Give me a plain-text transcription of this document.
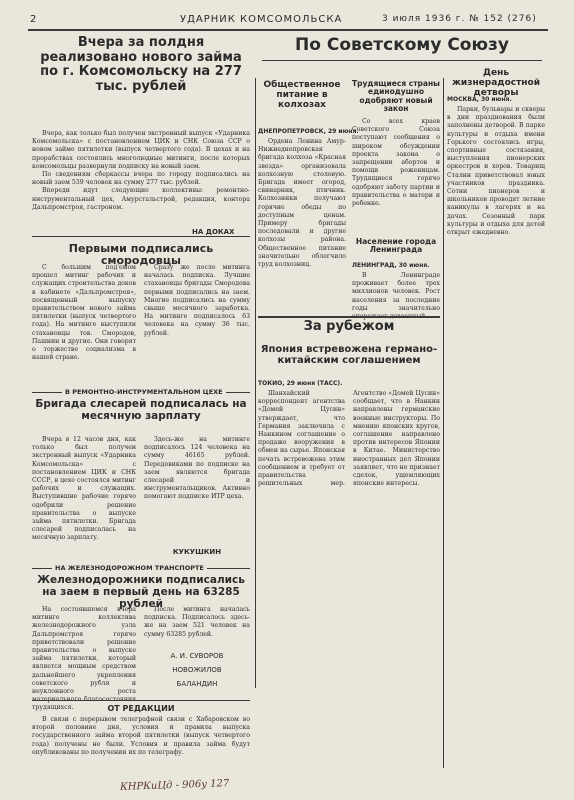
2	УДАРНИК КОМСОМОЛЬСКА	3 июля 1936 г. № 152 (276)
Вчера за полдня реализовано нового займа по г. Комсомольску на 277 тыс. рублей

Вчера, как только был получен экстренный выпуск «Ударника Комсомольска» с постановлением ЦИК и СНК Союза ССР о новом займе пятилетки (выпуск четвертого года). В цехах и на прорабствах состоялись многолюдные митинги, после которых комсомольцы развернули подписку на новый заем.

По сведениям сберкассы вчера по городу подписались на новый заем 539 человек на сумму 277 тыс. рублей.

Впереди идут следующие коллективы: ремонтно-инструментальный цех, Амурстальстрой, редакция, контора Дальпромстроя, гастроном.

НА ДОКАХ
Первыми подписались смородовцы

С большим под'емом прошел митинг рабочих и служащих строительства доков в кабинете «Дальпромстроя», посвященный выпуску правительством нового займа пятилетки (выпуск четвертого года). На митинге выступили стахановцы тов. Смородов, Пашнин и другие. Они говорят о торжестве социализма в нашей стране.

Сразу же после митинга началась подписка. Лучшие стахановцы бригады Смородова первыми подписались на заем. Многие подписались на сумму свыше месячного заработка. На митинге подписалось 63 человека на сумму 36 тыс. рублей.

В РЕМОНТНО-ИНСТРУМЕНТАЛЬНОМ ЦЕХЕ
Бригада слесарей подписалась на месячную зарплату

Вчера в 12 часов дня, как только был получен экстренный выпуск «Ударника Комсомольска» с постановлением ЦИК и СНК СССР, в цехе состоялся митинг рабочих и служащих. Выступившие рабочие горячо одобрили решение правительства о выпуске займа пятилетки. Бригада слесарей подписалась на месячную зарплату.

Здесь-же на митинге подписалось 124 человека на сумму 46165 рублей. Передовиками по подписке на заем являются бригада слесарей и инструментальщиков. Активно помогают подписке ИТР цеха.

КУКУШКИН
НА ЖЕЛЕЗНОДОРОЖНОМ ТРАНСПОРТЕ
Железнодорожники подписались на заем в первый день на 63285 рублей

На состоявшемся вчера митинге коллектива железнодорожного узла Дальпромстроя горячо приветствовали решение правительства о выпуске займа пятилетки, который является мощным средством дальнейшего укрепления советского рубля и неуклонного роста трудящихся.

После митинга началась подписка. Подписалось здесь-же на заем 521 человек на сумму 63285 рублей.

А. И. СУВОРОВ
НОВОЖИЛОВ
БАЛАНДИН
ОТ РЕДАКЦИИ

В связи с перерывом телеграфной связи с Хабаровском во второй половине дня, условия и правила выпуска государственного займа второй пятилетки (выпуск четвертого года) получены не были. Условия и правила займа будут опубликованы по получении их по телеграфу.

По Советскому Союзу
Общественное питание в колхозах
ДНЕПРОПЕТРОВСК, 29 июня.

Ордена Ленина Амур-Нижнеднепровская бригада колхоза «Красная звезда» организовала колхозную столовую. Бригада имеет огород, свинарник, птичник. Колхозники получают горячие обеды по доступным ценам. Примеру бригады последовали и другие колхозы района. Общественное питание значительно облегчило труд колхозниц.

Трудящиеся страны единодушно одобряют новый закон

Со всех краев Советского Союза поступают сообщения о широком обсуждении проекта закона о запрещении абортов и помощи роженицам. Трудящиеся горячо одобряют заботу партии и правительства о матери и ребенке.

Население города Ленинграда
ЛЕНИНГРАД, 30 июня.

В Ленинграде проживает более трех миллионов человек. Рост населения за последние годы значительно

День жизнерадостной детворы
МОСКВА, 30 июня.

Парки, бульвары и скверы в дни празднования были заполнены детворой. В парке культуры и отдыха имени Горького состоялись игры, спортивные состязания, выступления пионерских оркестров и хоров. Товарищ Сталин приветствовал юных участников праздника. Сотни пионеров и школьников проводят летние каникулы в лагерях и на дачах. Сезонный парк культуры и отдыха для детей открыт ежедневно.

За рубежом
Япония встревожена германо-китайским соглашением
ТОКИО, 29 июня (ТАСС).

Шанхайский корреспондент агентства «Домей Цусин» утверждает, что Германия заключила с Нанкином соглашение о продаже вооружения в обмен на сырье. Японская печать встревожена этим сообщением и требует от правительства решительных мер. Агентство «Домей Цусин» сообщает, что в Нанкин направлены германские военные инструкторы. По мнению японских кругов, соглашение направлено против интересов Японии в Китае. Министерство иностранных дел Японии заявляет, что не признает сделок, ущемляющих японские интересы.

КНРКиЦд - 906у 127
